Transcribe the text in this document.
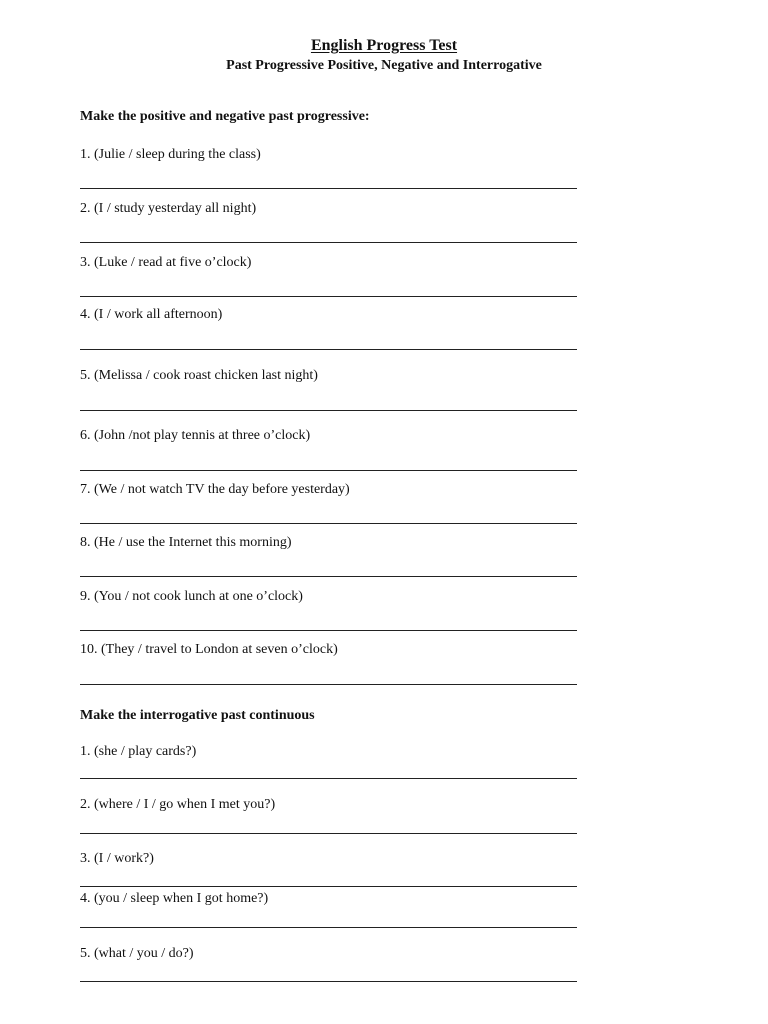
English Progress Test
Past Progressive Positive, Negative and Interrogative
Make the positive and negative past progressive:
1. (Julie / sleep during the class)
2. (I / study yesterday all night)
3. (Luke / read at five o’clock)
4. (I / work all afternoon)
5. (Melissa / cook roast chicken last night)
6. (John /not play tennis at three o’clock)
7. (We / not watch TV the day before yesterday)
8. (He / use the Internet this morning)
9. (You / not cook lunch at one o’clock)
10. (They / travel to London at seven o’clock)
Make the interrogative past continuous
1. (she / play cards?)
2. (where / I / go when I met you?)
3. (I / work?)
4. (you / sleep when I got home?)
5. (what / you / do?)
